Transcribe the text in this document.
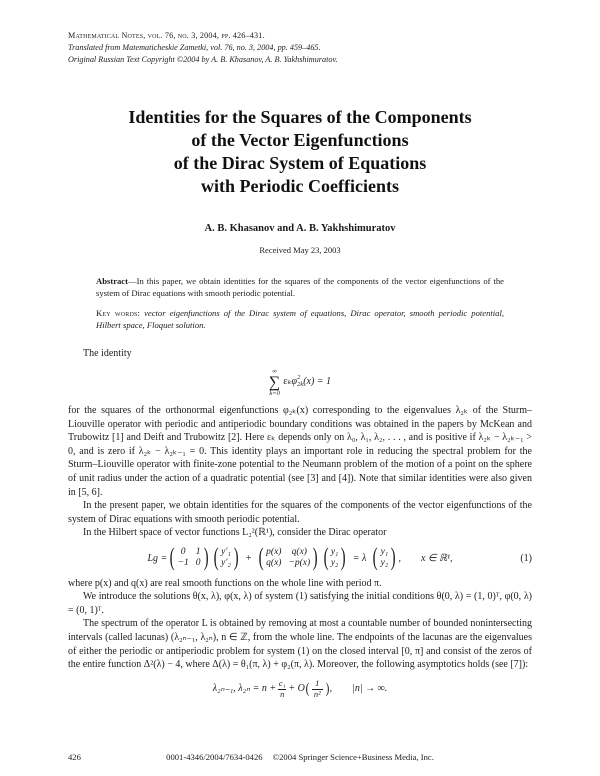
Mathematical Notes, vol. 76, no. 3, 2004, pp. 426–431.
Translated from Matematicheskie Zametki, vol. 76, no. 3, 2004, pp. 459–465.
Original Russian Text Copyright ©2004 by A. B. Khasanov, A. B. Yakhshimuratov.
Identities for the Squares of the Components
of the Vector Eigenfunctions
of the Dirac System of Equations
with Periodic Coefficients
A. B. Khasanov and A. B. Yakhshimuratov
Received May 23, 2003
Abstract—In this paper, we obtain identities for the squares of the components of the vector eigenfunctions of the system of Dirac equations with smooth periodic potential.
Key words: vector eigenfunctions of the Dirac system of equations, Dirac operator, smooth periodic potential, Hilbert space, Floquet solution.

The identity

∞
∑
k=0
εₖφ 2
2k (x) = 1

for the squares of the orthonormal eigenfunctions φ₂ₖ(x) corresponding to the eigenvalues λ₂ₖ of the Sturm–Liouville operator with periodic and antiperiodic boundary conditions was obtained in the papers by McKean and Trubowitz [1] and Deift and Trubowitz [2]. Here εₖ depends only on λ₀, λ₁, λ₂, . . . , and is positive if λ₂ₖ − λ₂ₖ₋₁ > 0, and is zero if λ₂ₖ − λ₂ₖ₋₁ = 0. This identity plays an important role in reducing the spectral problem for the Sturm–Liouville operator with finite-zone potential to the Neumann problem of the motion of a point on the sphere of unit radius under the action of a quadratic potential (see [3] and [4]). Note that similar identities were also given in [5, 6].

In the present paper, we obtain identities for the squares of the components of the vector eigenfunctions of the system of Dirac equations with smooth periodic potential.

In the Hilbert space of vector functions L₂²(ℝ¹), consider the Dirac operator

Lg = ( 0	1
−1 0 ) ( y′₁
y′₂ ) + ( p(x)	q(x)
q(x) −p(x) ) ( y₁
y₂ ) = λ ( y₁
y₂ ) , x ∈ ℝ¹,	(1)

where p(x) and q(x) are real smooth functions on the whole line with period π.

We introduce the solutions θ(x, λ), φ(x, λ) of system (1) satisfying the initial conditions θ(0, λ) = (1, 0)ᵀ, φ(0, λ) = (0, 1)ᵀ.

The spectrum of the operator L is obtained by removing at most a countable number of bounded nonintersecting intervals (called lacunas) (λ₂ₙ₋₁, λ₂ₙ), n ∈ ℤ, from the whole line. The endpoints of the lacunas are the eigenvalues of either the periodic or antiperiodic problem for system (1) on the closed interval [0, π] and consist of the zeros of the entire function Δ²(λ) − 4, where Δ(λ) = θ₁(π, λ) + φ₂(π, λ). Moreover, the following asymptotics holds (see [7]):

λ₂ₙ₋₁, $\lambda_{2n} = n + \frac{\text{c₁}}{n} + O$ ( $\frac{1}{\text{n²}}$ ) , |n| → ∞.
426	0001-4346/2004/7634-0426 ©2004 Springer Science+Business Media, Inc.
